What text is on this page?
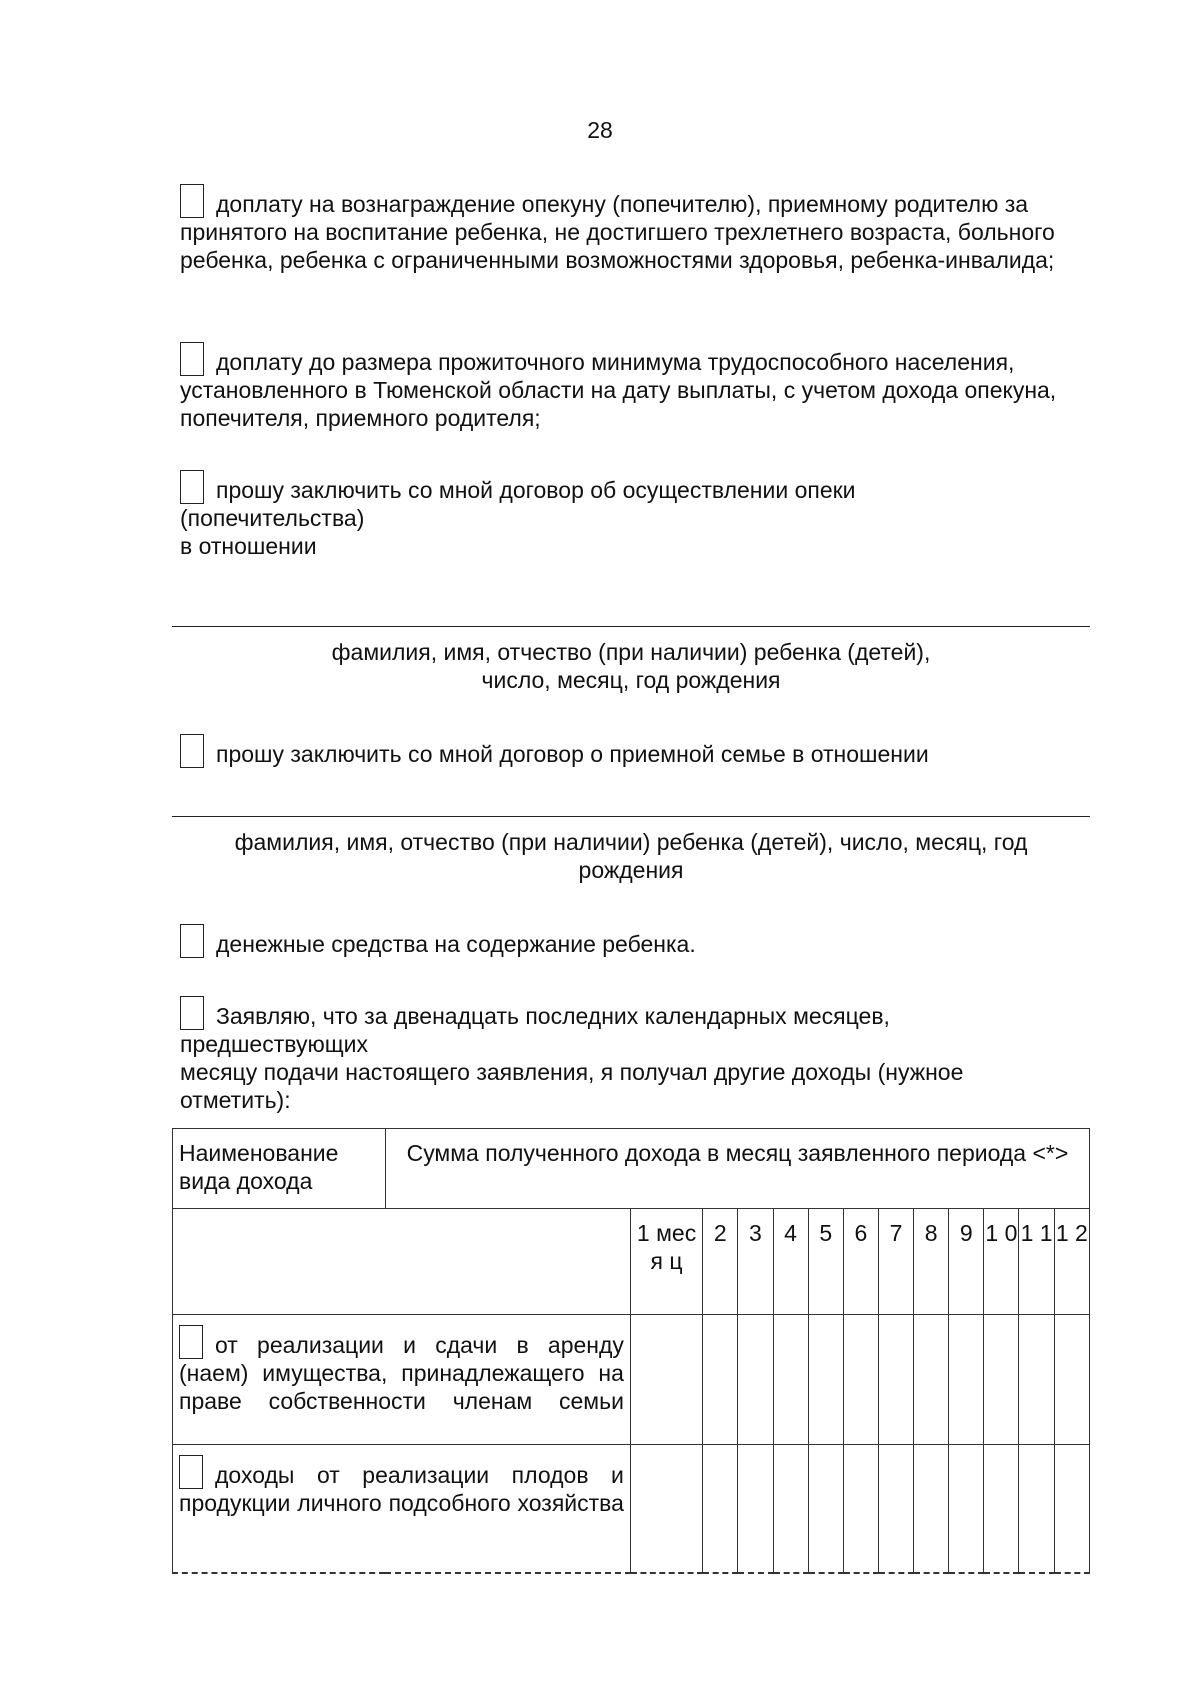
28
доплату на вознаграждение опекуну (попечителю), приемному родителю за принятого на воспитание ребенка, не достигшего трехлетнего возраста, больного ребенка, ребенка с ограниченными возможностями здоровья, ребенка-инвалида;
доплату до размера прожиточного минимума трудоспособного населения, установленного в Тюменской области на дату выплаты, с учетом дохода опекуна, попечителя, приемного родителя;
прошу заключить со мной договор об осуществлении опеки
(попечительства)
в отношении
фамилия, имя, отчество (при наличии) ребенка (детей),
число, месяц, год рождения
прошу заключить со мной договор о приемной семье в отношении
фамилия, имя, отчество (при наличии) ребенка (детей), число, месяц, год
рождения
денежные средства на содержание ребенка.
Заявляю, что за двенадцать последних календарных месяцев,
предшествующих
месяцу подачи настоящего заявления, я получал другие доходы (нужное
отметить):
Наименование вида дохода	Сумма полученного дохода в месяц заявленного периода <*>												
		1 меся ц	2	3	4	5	6	7	8	9	1 0	1 1	1 2
от реализации и сдачи в аренду (наем) имущества, принадлежащего на праве собственности членам семьи													
доходы от реализации плодов и продукции личного подсобного хозяйства													
